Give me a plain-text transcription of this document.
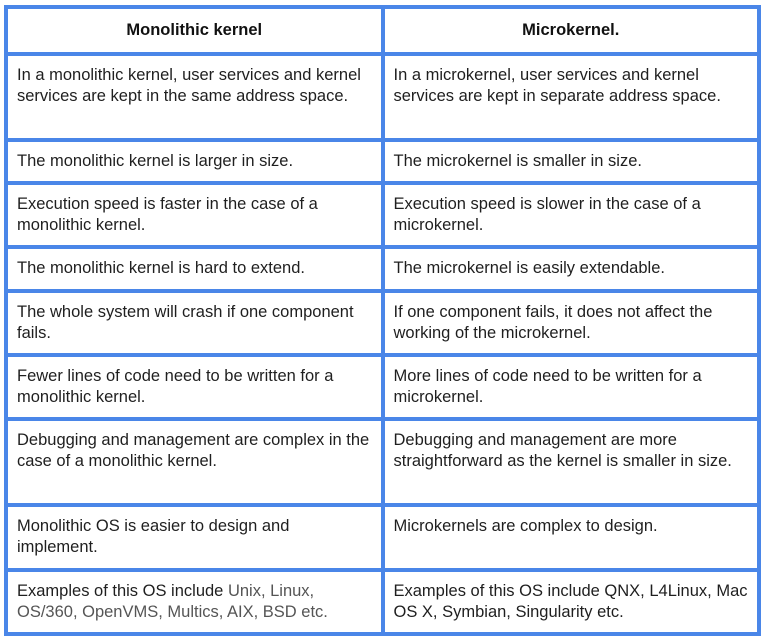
Monolithic kernel	Microkernel.
In a monolithic kernel, user services and kernel services are kept in the same address space.	In a microkernel, user services and kernel services are kept in separate address space.
The monolithic kernel is larger in size.	The microkernel is smaller in size.
Execution speed is faster in the case of a monolithic kernel.	Execution speed is slower in the case of a microkernel.
The monolithic kernel is hard to extend.	The microkernel is easily extendable.
The whole system will crash if one component fails.	If one component fails, it does not affect the working of the microkernel.
Fewer lines of code need to be written for a monolithic kernel.	More lines of code need to be written for a microkernel.
Debugging and management are complex in the case of a monolithic kernel.	Debugging and management are more straightforward as the kernel is smaller in size.
Monolithic OS is easier to design and implement.	Microkernels are complex to design.
Examples of this OS include Unix, Linux, OS/360, OpenVMS, Multics, AIX, BSD etc.	Examples of this OS include QNX, L4Linux, Mac OS X, Symbian, Singularity etc.
